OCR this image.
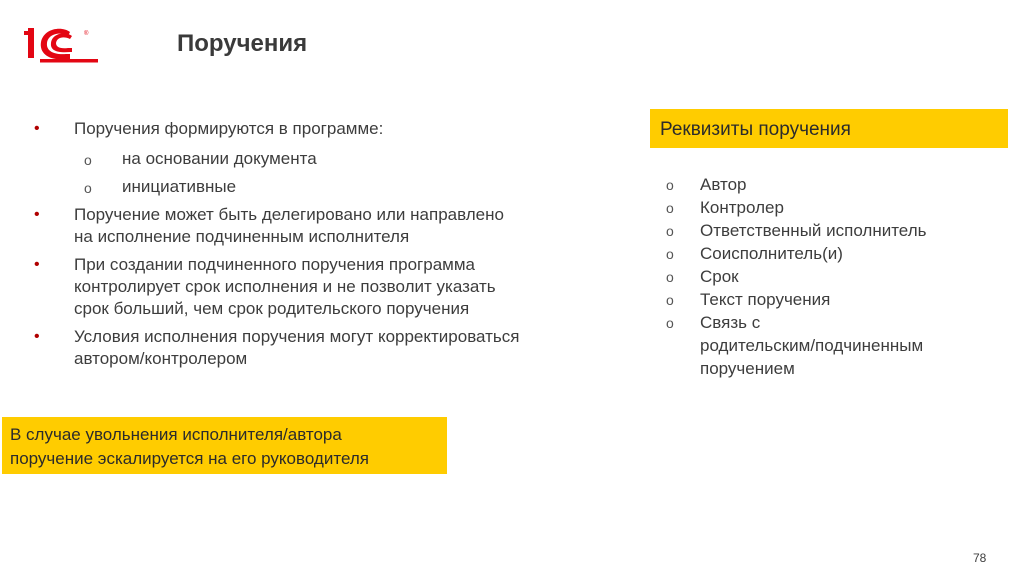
®	Поручения
• Поручения формируются в программе:
o на основании документа
o инициативные
• Поручение может быть делегировано или направлено
на исполнение подчиненным исполнителя
• При создании подчиненного поручения программа
контролирует срок исполнения и не позволит указать
срок больший, чем срок родительского поручения
• Условия исполнения поручения могут корректироваться
автором/контролером
Реквизиты поручения
o Автор
o Контролер
o Ответственный исполнитель
o Соисполнитель(и)
o Срок
o Текст поручения
o Связь с
родительским/подчиненным
поручением
В случае увольнения исполнителя/автора
поручение эскалируется на его руководителя
78
